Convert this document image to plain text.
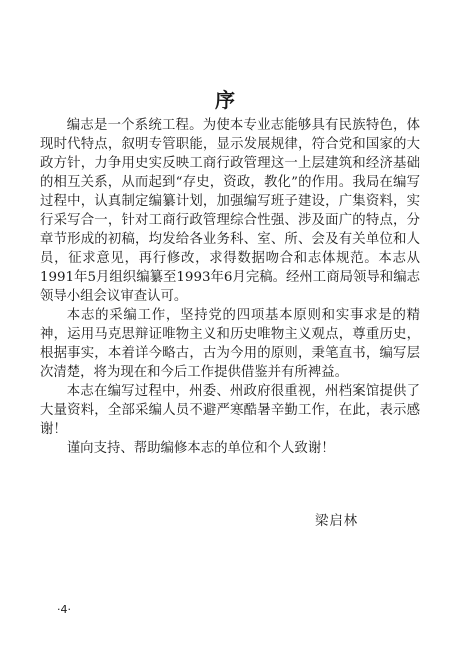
序

编志是一个系统工程。为使本专业志能够具有民族特色，体现时代特点，叙明专管职能，显示发展规律，符合党和国家的大政方针，力争用史实反映工商行政管理这一上层建筑和经济基础的相互关系，从而起到“存史，资政，教化”的作用。我局在编写过程中，认真制定编纂计划，加强编写班子建设，广集资料，实行采写合一，针对工商行政管理综合性强、涉及面广的特点，分章节形成的初稿，均发给各业务科、室、所、会及有关单位和人员，征求意见，再行修改，求得数据吻合和志体规范。本志从1991年5月组织编纂至1993年6月完稿。经州工商局领导和编志领导小组会议审查认可。

本志的采编工作，坚持党的四项基本原则和实事求是的精神，运用马克思辩证唯物主义和历史唯物主义观点，尊重历史，根据事实，本着详今略古，古为今用的原则，秉笔直书，编写层次清楚，将为现在和今后工作提供借鉴并有所裨益。

本志在编写过程中，州委、州政府很重视，州档案馆提供了大量资料，全部采编人员不避严寒酷暑辛勤工作，在此，表示感谢！

谨向支持、帮助编修本志的单位和个人致谢！

梁启林
·4·
